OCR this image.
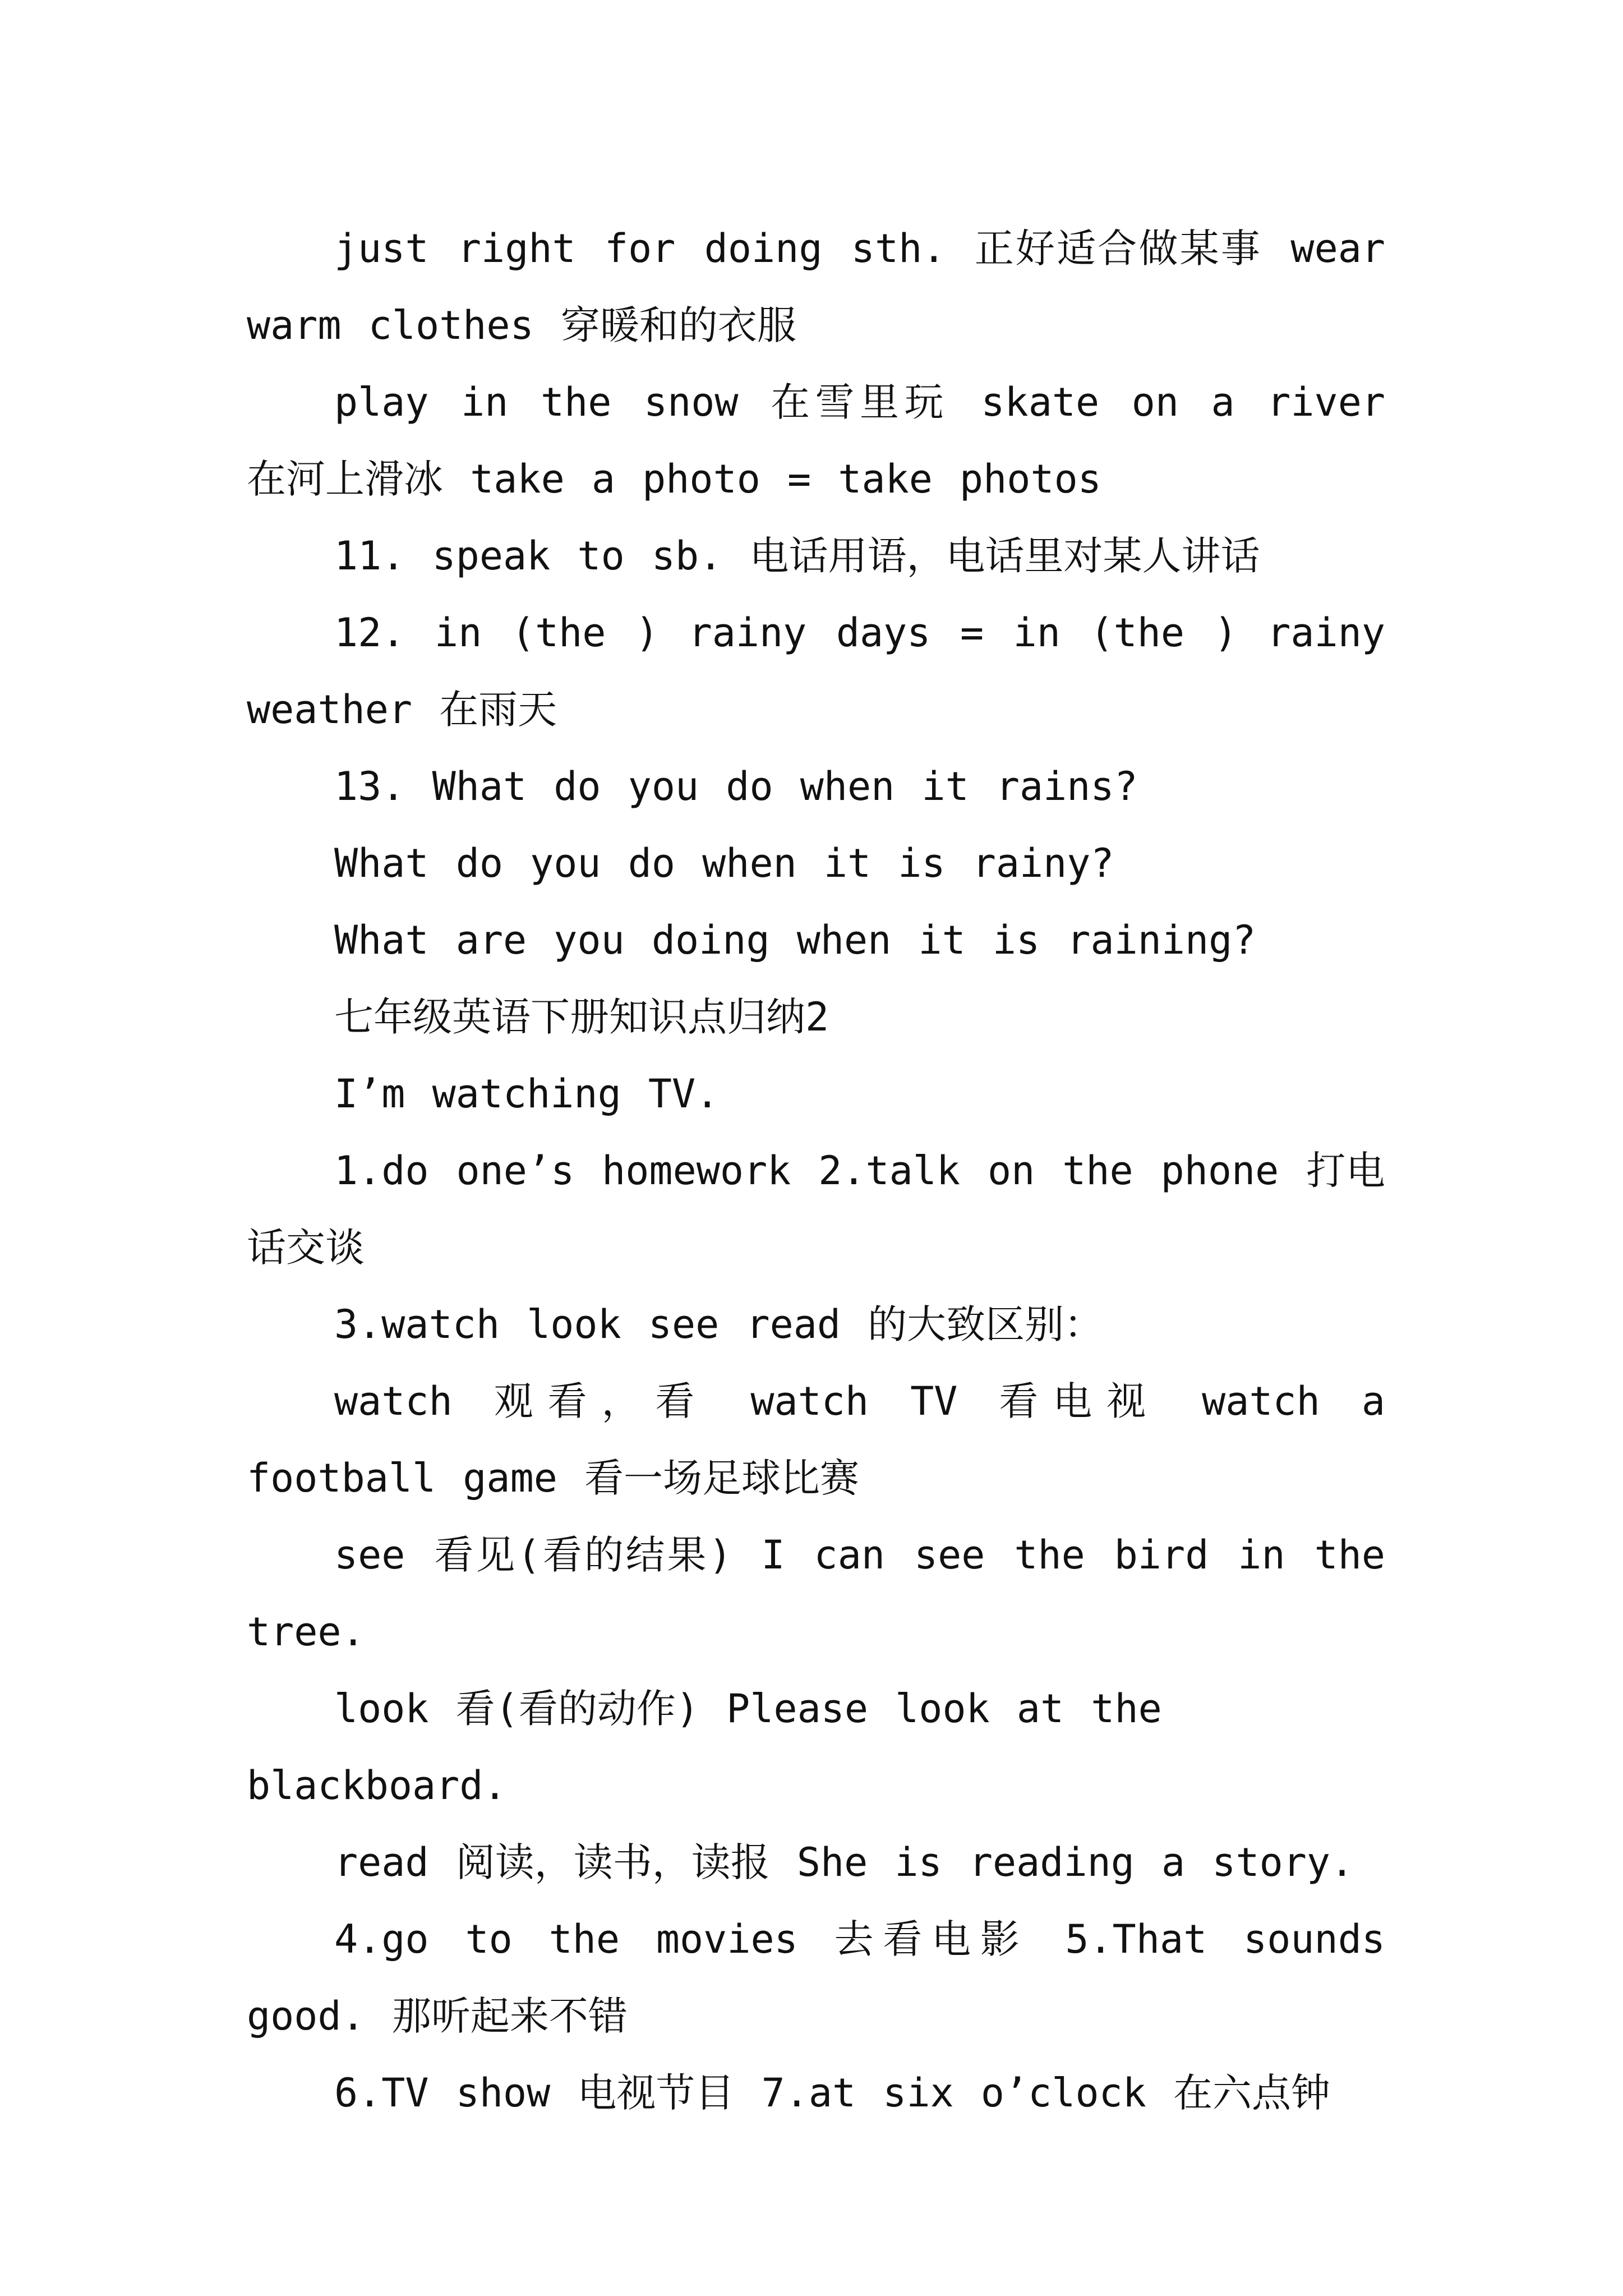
just right for doing sth. 正好适合做某事 wear warm clothes 穿暖和的衣服

play in the snow 在雪里玩 skate on a river 在河上滑冰 take a photo = take photos

11. speak to sb. 电话用语，电话里对某人讲话

12. in (the ) rainy days = in (the ) rainy weather 在雨天

13. What do you do when it rains?

What do you do when it is rainy?

What are you doing when it is raining?

七年级英语下册知识点归纳2

I’m watching TV.

1.do one’s homework 2.talk on the phone 打电话交谈

3.watch look see read 的大致区别：

watch 观看，看 watch TV 看电视 watch a football game 看一场足球比赛

see 看见(看的结果) I can see the bird in the tree.

look 看(看的动作) Please look at the blackboard.

read 阅读，读书，读报 She is reading a story.

4.go to the movies 去看电影 5.That sounds good. 那听起来不错

6.TV show 电视节目 7.at six o’clock 在六点钟
